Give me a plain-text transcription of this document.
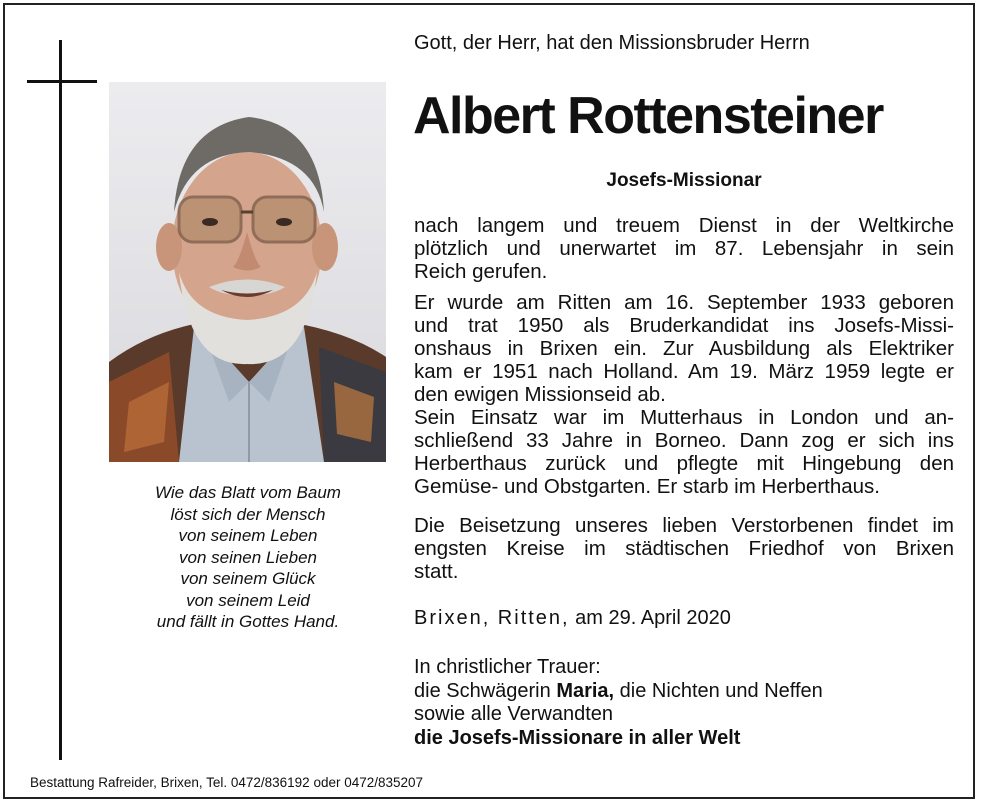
Wie das Blatt vom Baum
löst sich der Mensch
von seinem Leben
von seinen Lieben
von seinem Glück
von seinem Leid
und fällt in Gottes Hand.
Gott, der Herr, hat den Missionsbruder Herrn
Albert Rottensteiner
Josefs-Missionar
nach langem und treuem Dienst in der Weltkirche
plötzlich und unerwartet im 87. Lebensjahr in sein
Reich gerufen.
Er wurde am Ritten am 16. September 1933 geboren
und trat 1950 als Bruderkandidat ins Josefs-Missi-
onshaus in Brixen ein. Zur Ausbildung als Elektriker
kam er 1951 nach Holland. Am 19. März 1959 legte er
den ewigen Missionseid ab.
Sein Einsatz war im Mutterhaus in London und an-
schließend 33 Jahre in Borneo. Dann zog er sich ins
Herberthaus zurück und pflegte mit Hingebung den
Gemüse- und Obstgarten. Er starb im Herberthaus.
Die Beisetzung unseres lieben Verstorbenen findet im
engsten Kreise im städtischen Friedhof von Brixen
statt.
Brixen, Ritten, am 29. April 2020
In christlicher Trauer:
die Schwägerin Maria, die Nichten und Neffen
sowie alle Verwandten
die Josefs-Missionare in aller Welt
Bestattung Rafreider, Brixen, Tel. 0472/836192 oder 0472/835207
